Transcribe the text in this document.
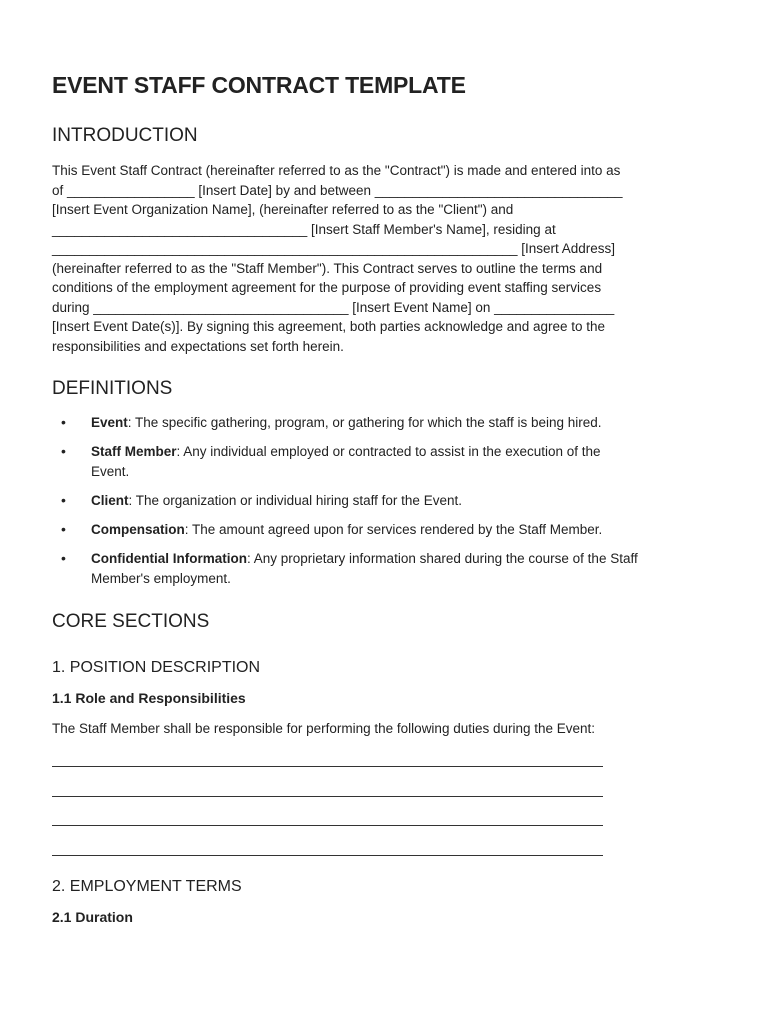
EVENT STAFF CONTRACT TEMPLATE
INTRODUCTION
This Event Staff Contract (hereinafter referred to as the "Contract") is made and entered into as
of _________________ [Insert Date] by and between _________________________________
[Insert Event Organization Name], (hereinafter referred to as the "Client") and
__________________________________ [Insert Staff Member's Name], residing at
______________________________________________________________ [Insert Address]
(hereinafter referred to as the "Staff Member"). This Contract serves to outline the terms and
conditions of the employment agreement for the purpose of providing event staffing services
during __________________________________ [Insert Event Name] on ________________
[Insert Event Date(s)]. By signing this agreement, both parties acknowledge and agree to the
responsibilities and expectations set forth herein.
DEFINITIONS
• Event: The specific gathering, program, or gathering for which the staff is being hired.
• Staff Member: Any individual employed or contracted to assist in the execution of the
Event.
• Client: The organization or individual hiring staff for the Event.
• Compensation: The amount agreed upon for services rendered by the Staff Member.
• Confidential Information: Any proprietary information shared during the course of the Staff
Member's employment.
CORE SECTIONS
1. POSITION DESCRIPTION
1.1 Role and Responsibilities

The Staff Member shall be responsible for performing the following duties during the Event:

2. EMPLOYMENT TERMS
2.1 Duration
